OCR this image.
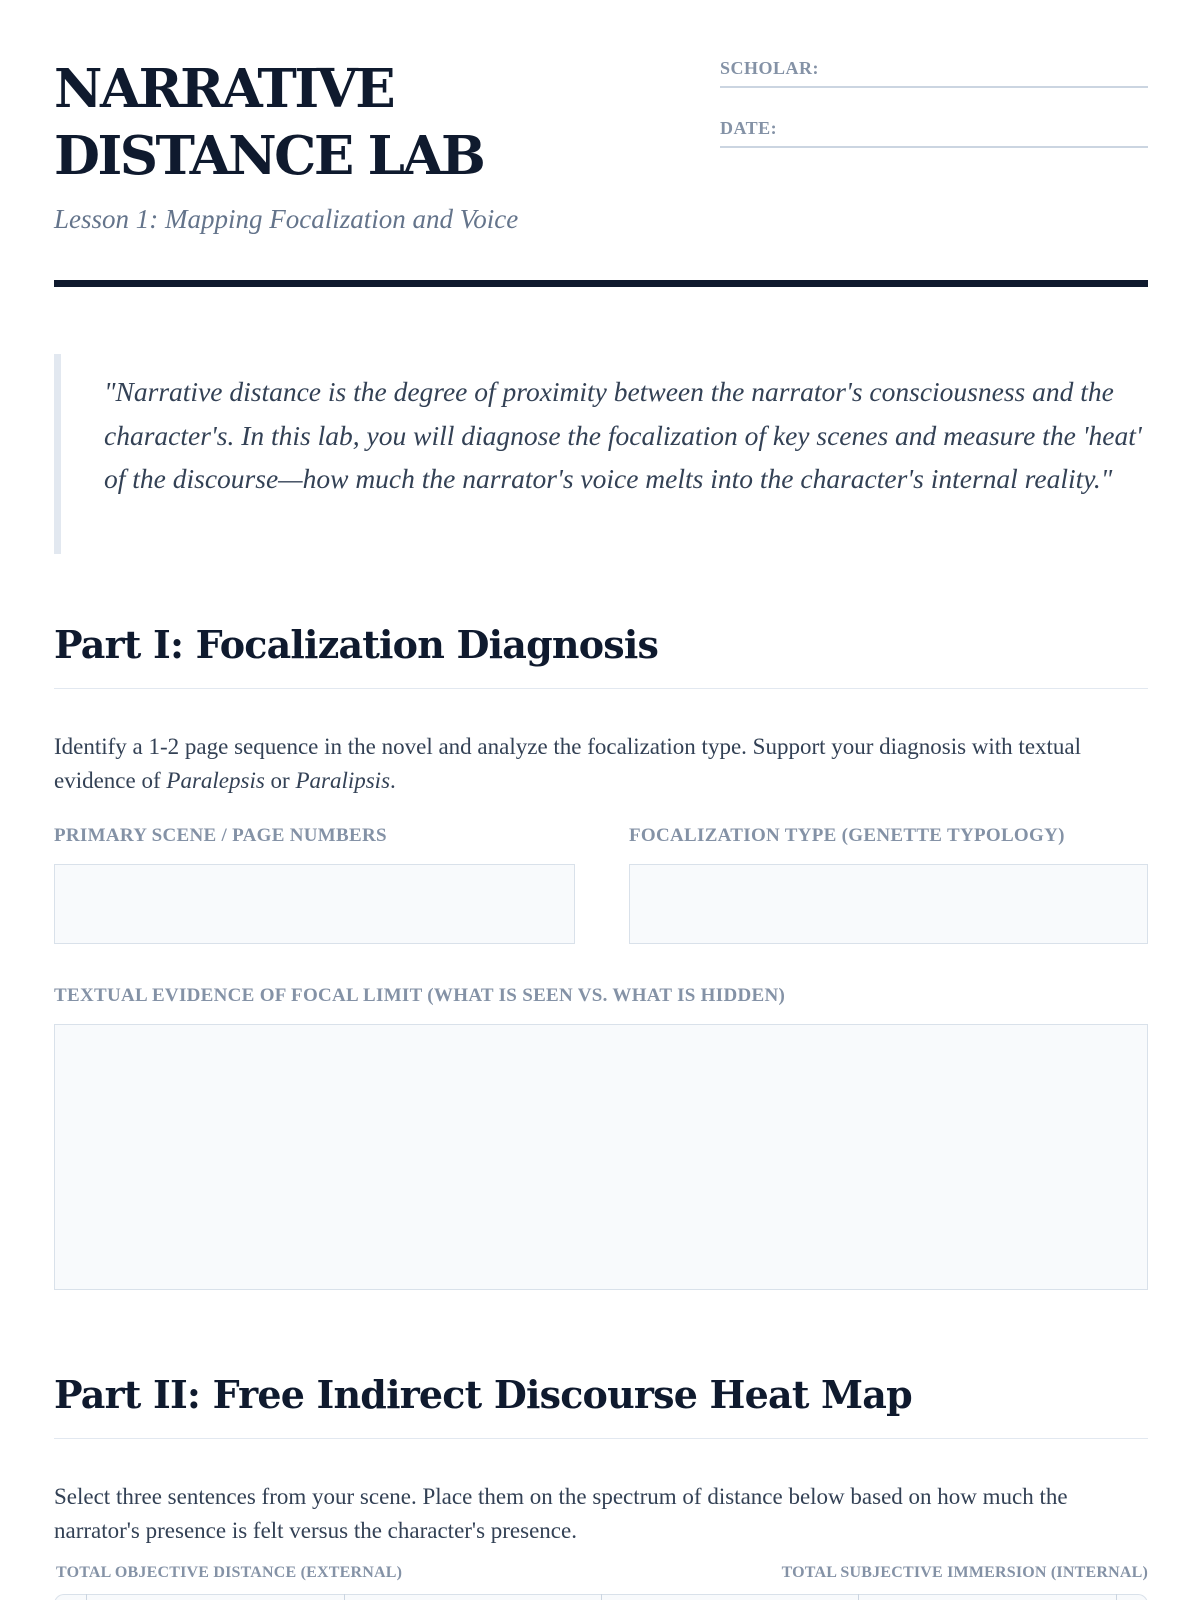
NARRATIVE DISTANCE LAB
Lesson 1: Mapping Focalization and Voice
SCHOLAR:
DATE:

"Narrative distance is the degree of proximity between the narrator's consciousness and the character's. In this lab, you will diagnose the focalization of key scenes and measure the 'heat' of the discourse—how much the narrator's voice melts into the character's internal reality."

Part I: Focalization Diagnosis

Identify a 1-2 page sequence in the novel and analyze the focalization type. Support your diagnosis with textual evidence of Paralepsis or Paralipsis.

PRIMARY SCENE / PAGE NUMBERS	FOCALIZATION TYPE (GENETTE TYPOLOGY)
TEXTUAL EVIDENCE OF FOCAL LIMIT (WHAT IS SEEN VS. WHAT IS HIDDEN)
Part II: Free Indirect Discourse Heat Map

Select three sentences from your scene. Place them on the spectrum of distance below based on how much the narrator's presence is felt versus the character's presence.

TOTAL OBJECTIVE DISTANCE (EXTERNAL)	TOTAL SUBJECTIVE IMMERSION (INTERNAL)
